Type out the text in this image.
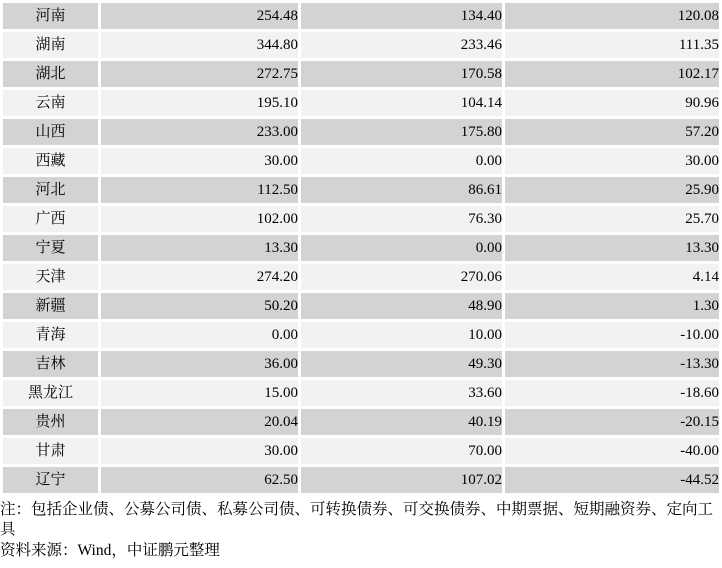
河南	254.48	134.40	120.08
湖南	344.80	233.46	111.35
湖北	272.75	170.58	102.17
云南	195.10	104.14	90.96
山西	233.00	175.80	57.20
西藏	30.00	0.00	30.00
河北	112.50	86.61	25.90
广西	102.00	76.30	25.70
宁夏	13.30	0.00	13.30
天津	274.20	270.06	4.14
新疆	50.20	48.90	1.30
青海	0.00	10.00	-10.00
吉林	36.00	49.30	-13.30
黑龙江	15.00	33.60	-18.60
贵州	20.04	40.19	-20.15
甘肃	30.00	70.00	-40.00
辽宁	62.50	107.02	-44.52
注：包括企业债、公募公司债、私募公司债、可转换债券、可交换债券、中期票据、短期融资券、定向工具
资料来源：Wind，中证鹏元整理
